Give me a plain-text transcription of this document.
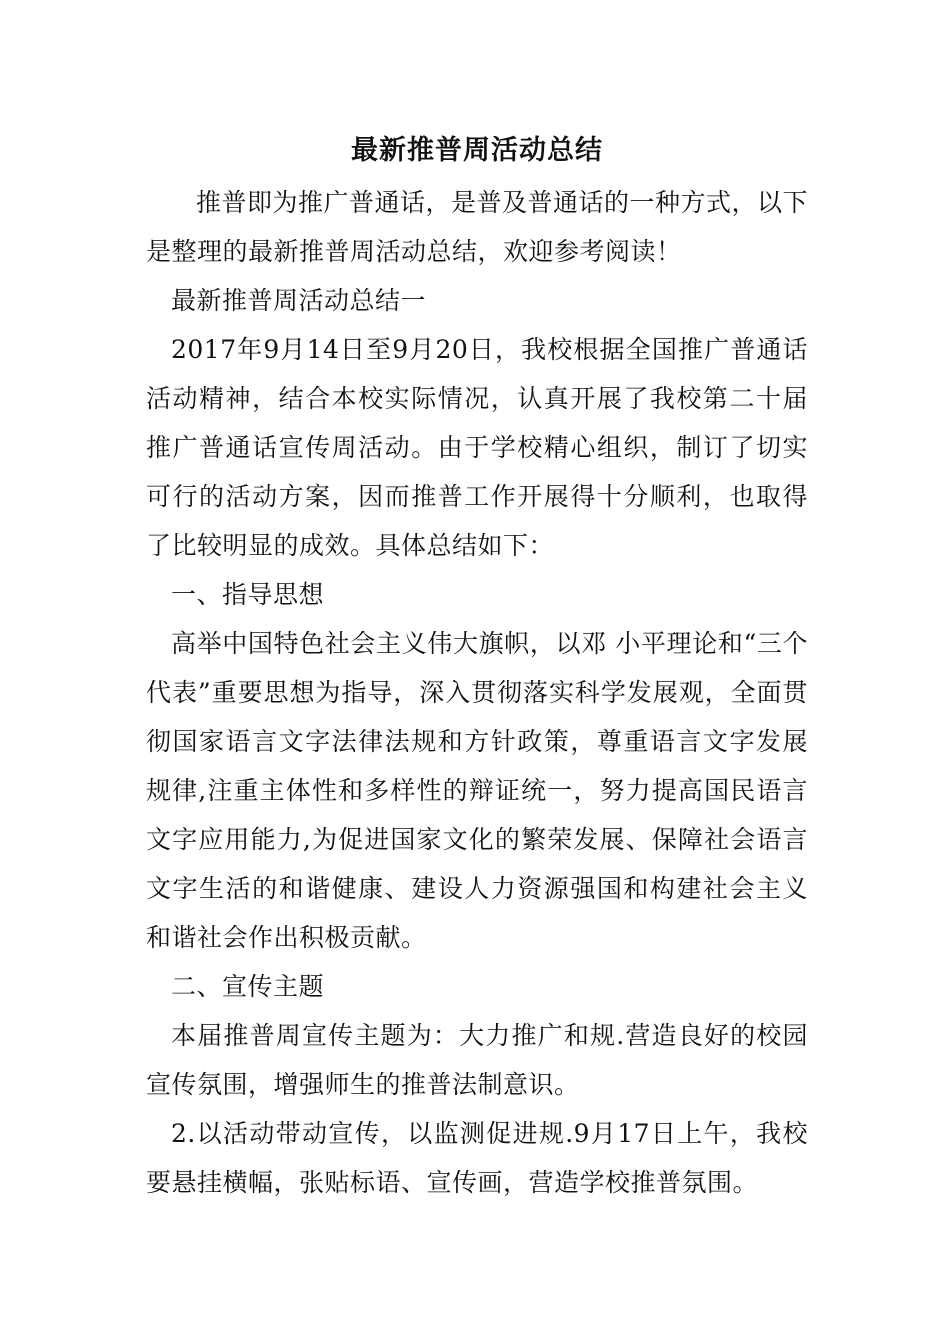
最新推普周活动总结

推普即为推广普通话，是普及普通话的一种方式，以下是整理的最新推普周活动总结，欢迎参考阅读！

最新推普周活动总结一

2017年9月14日至9月20日，我校根据全国推广普通话活动精神，结合本校实际情况，认真开展了我校第二十届推广普通话宣传周活动。由于学校精心组织，制订了切实可行的活动方案，因而推普工作开展得十分顺利，也取得了比较明显的成效。具体总结如下：

一、指导思想

高举中国特色社会主义伟大旗帜，以邓 小平理论和“三个代表”重要思想为指导，深入贯彻落实科学发展观，全面贯彻国家语言文字法律法规和方针政策，尊重语言文字发展规律,注重主体性和多样性的辩证统一，努力提高国民语言文字应用能力,为促进国家文化的繁荣发展、保障社会语言文字生活的和谐健康、建设人力资源强国和构建社会主义和谐社会作出积极贡献。

二、宣传主题

本届推普周宣传主题为：大力推广和规.营造良好的校园宣传氛围，增强师生的推普法制意识。

2.以活动带动宣传，以监测促进规.9月17日上午，我校要悬挂横幅，张贴标语、宣传画，营造学校推普氛围。
